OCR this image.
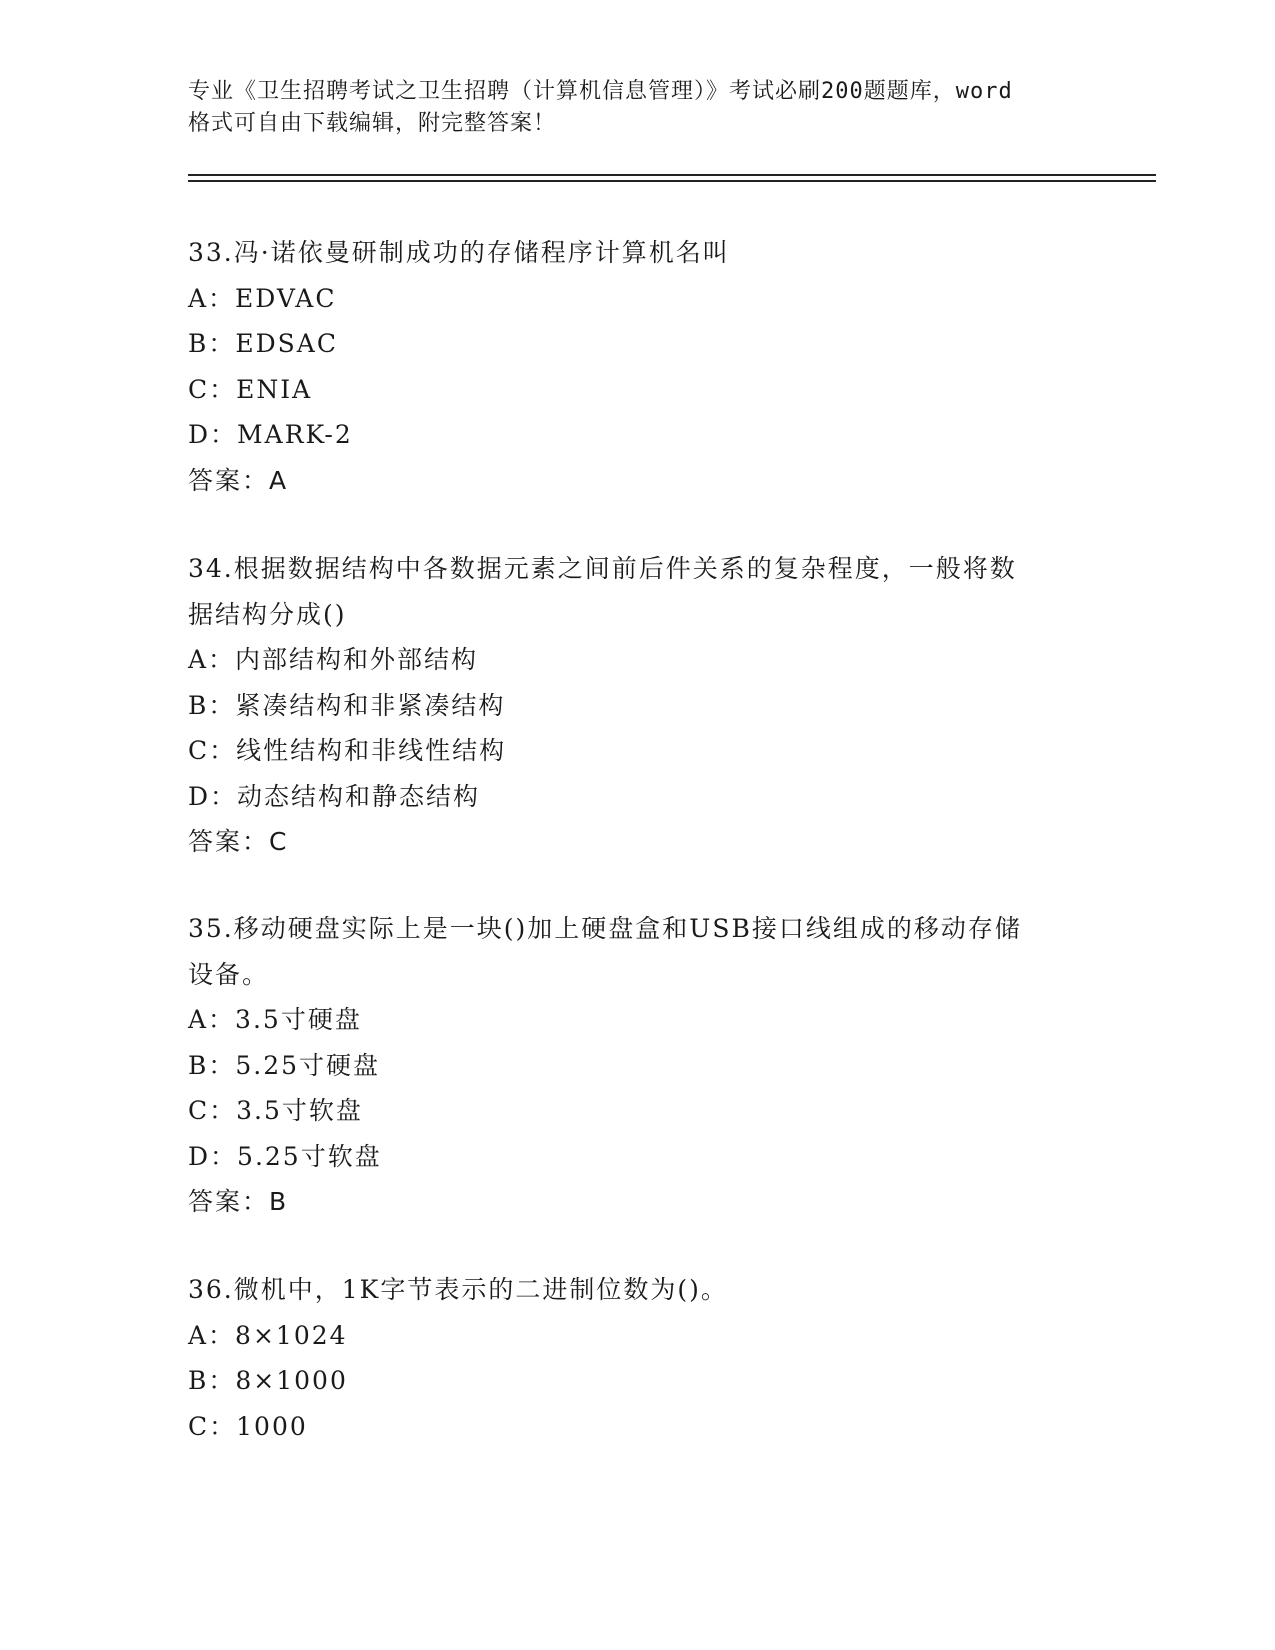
专业《卫生招聘考试之卫生招聘（计算机信息管理）》考试必刷200题题库，word
格式可自由下载编辑，附完整答案！
33.冯·诺依曼研制成功的存储程序计算机名叫
A：EDVAC
B：EDSAC
C：ENIA
D：MARK-2
答案：A
34.根据数据结构中各数据元素之间前后件关系的复杂程度，一般将数
据结构分成()
A：内部结构和外部结构
B：紧凑结构和非紧凑结构
C：线性结构和非线性结构
D：动态结构和静态结构
答案：C
35.移动硬盘实际上是一块()加上硬盘盒和USB接口线组成的移动存储
设备。
A：3.5寸硬盘
B：5.25寸硬盘
C：3.5寸软盘
D：5.25寸软盘
答案：B
36.微机中，1K字节表示的二进制位数为()。
A：8×1024
B：8×1000
C：1000
